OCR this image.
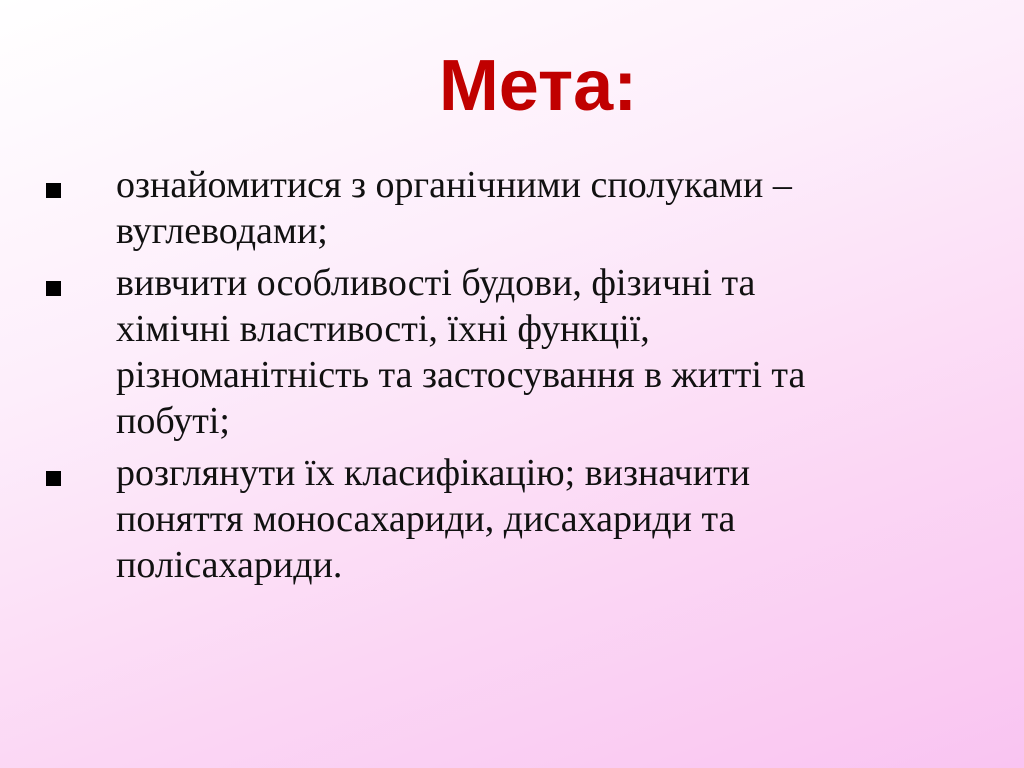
Мета:
ознайомитися з органічними сполуками –
вуглеводами;
вивчити особливості будови, фізичні та
хімічні властивості, їхні функції,
різноманітність та застосування в житті та
побуті;
розглянути їх класифікацію; визначити
поняття моносахариди, дисахариди та
полісахариди.
